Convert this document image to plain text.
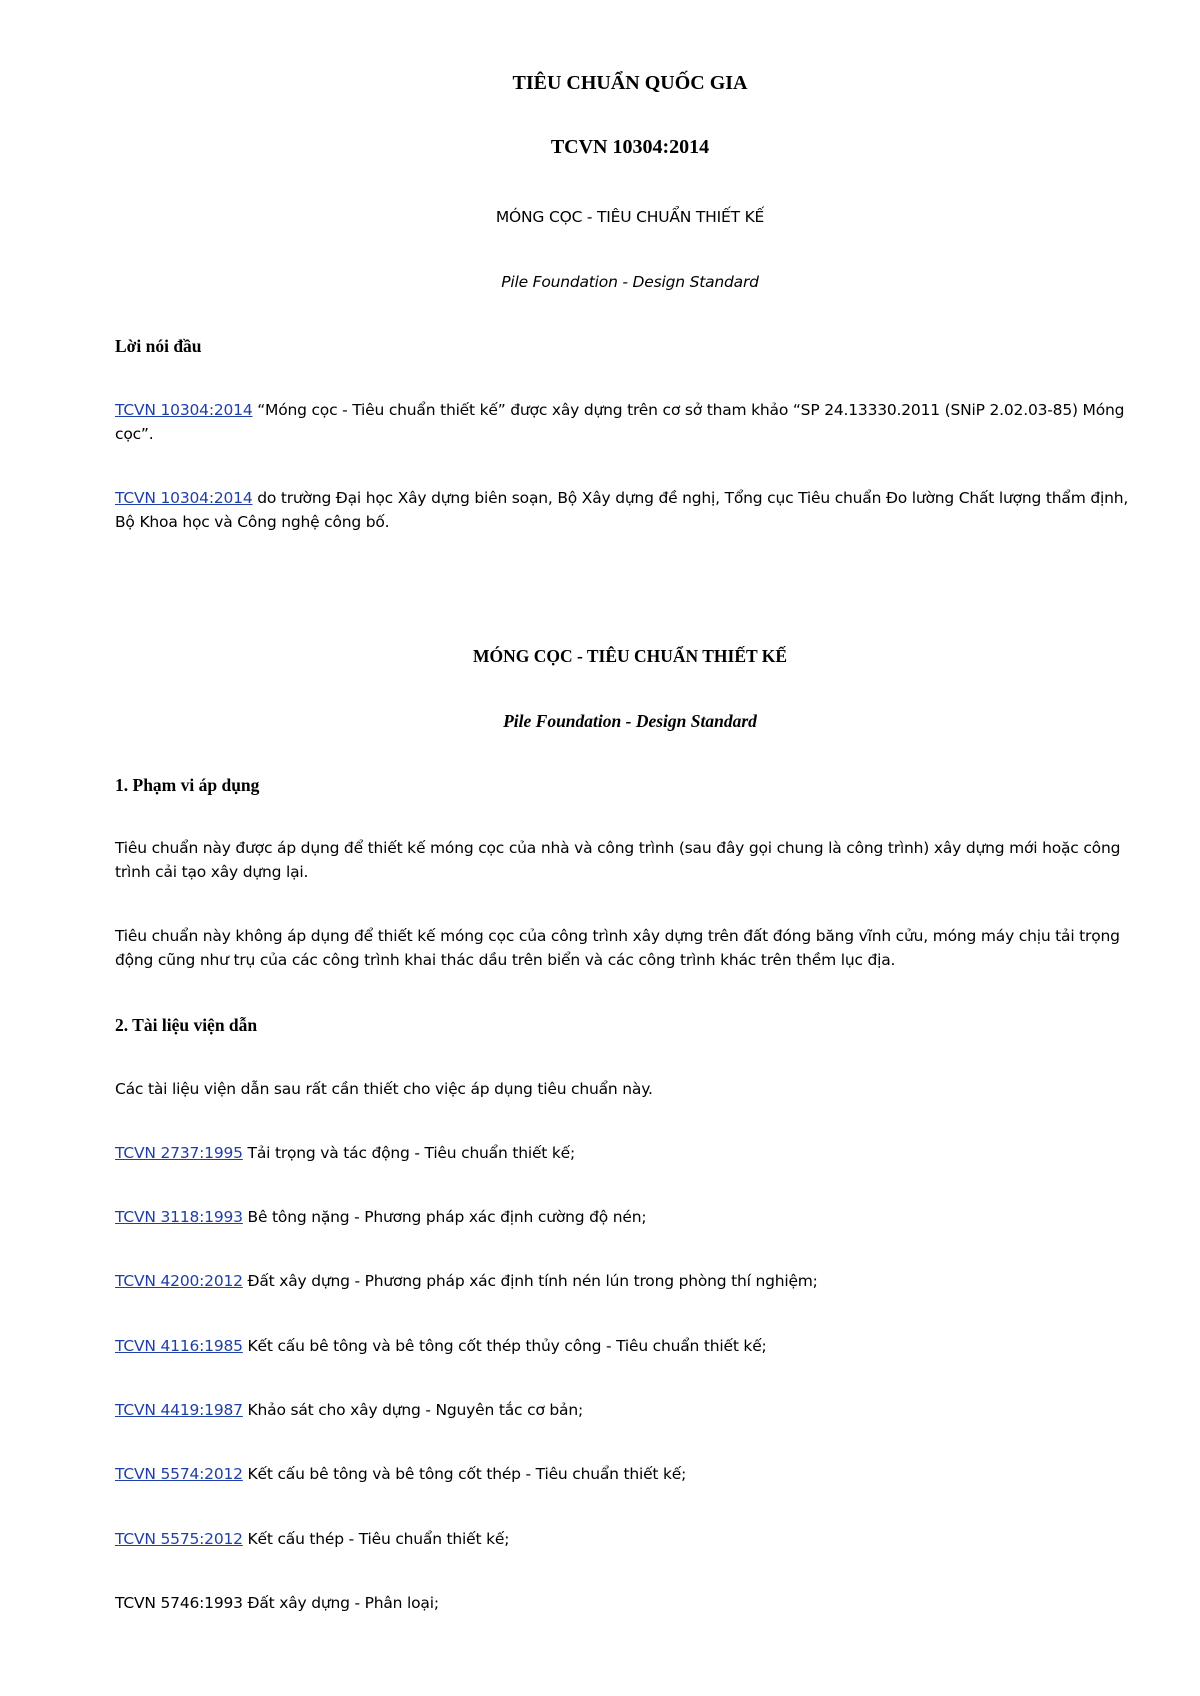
TIÊU CHUẨN QUỐC GIA

TCVN 10304:2014

MÓNG CỌC - TIÊU CHUẨN THIẾT KẾ

Pile Foundation - Design Standard

Lời nói đầu

TCVN 10304:2014 “Móng cọc - Tiêu chuẩn thiết kế” được xây dựng trên cơ sở tham khảo “SP 24.13330.2011 (SNiP 2.02.03-85) Móng cọc”.

TCVN 10304:2014 do trường Đại học Xây dựng biên soạn, Bộ Xây dựng đề nghị, Tổng cục Tiêu chuẩn Đo lường Chất lượng thẩm định, Bộ Khoa học và Công nghệ công bố.

MÓNG CỌC - TIÊU CHUẨN THIẾT KẾ

Pile Foundation - Design Standard

1. Phạm vi áp dụng

Tiêu chuẩn này được áp dụng để thiết kế móng cọc của nhà và công trình (sau đây gọi chung là công trình) xây dựng mới hoặc công trình cải tạo xây dựng lại.

Tiêu chuẩn này không áp dụng để thiết kế móng cọc của công trình xây dựng trên đất đóng băng vĩnh cửu, móng máy chịu tải trọng động cũng như trụ của các công trình khai thác dầu trên biển và các công trình khác trên thềm lục địa.

2. Tài liệu viện dẫn

Các tài liệu viện dẫn sau rất cần thiết cho việc áp dụng tiêu chuẩn này.

TCVN 2737:1995 Tải trọng và tác động - Tiêu chuẩn thiết kế;

TCVN 3118:1993 Bê tông nặng - Phương pháp xác định cường độ nén;

TCVN 4200:2012 Đất xây dựng - Phương pháp xác định tính nén lún trong phòng thí nghiệm;

TCVN 4116:1985 Kết cấu bê tông và bê tông cốt thép thủy công - Tiêu chuẩn thiết kế;

TCVN 4419:1987 Khảo sát cho xây dựng - Nguyên tắc cơ bản;

TCVN 5574:2012 Kết cấu bê tông và bê tông cốt thép - Tiêu chuẩn thiết kế;

TCVN 5575:2012 Kết cấu thép - Tiêu chuẩn thiết kế;

TCVN 5746:1993 Đất xây dựng - Phân loại;
